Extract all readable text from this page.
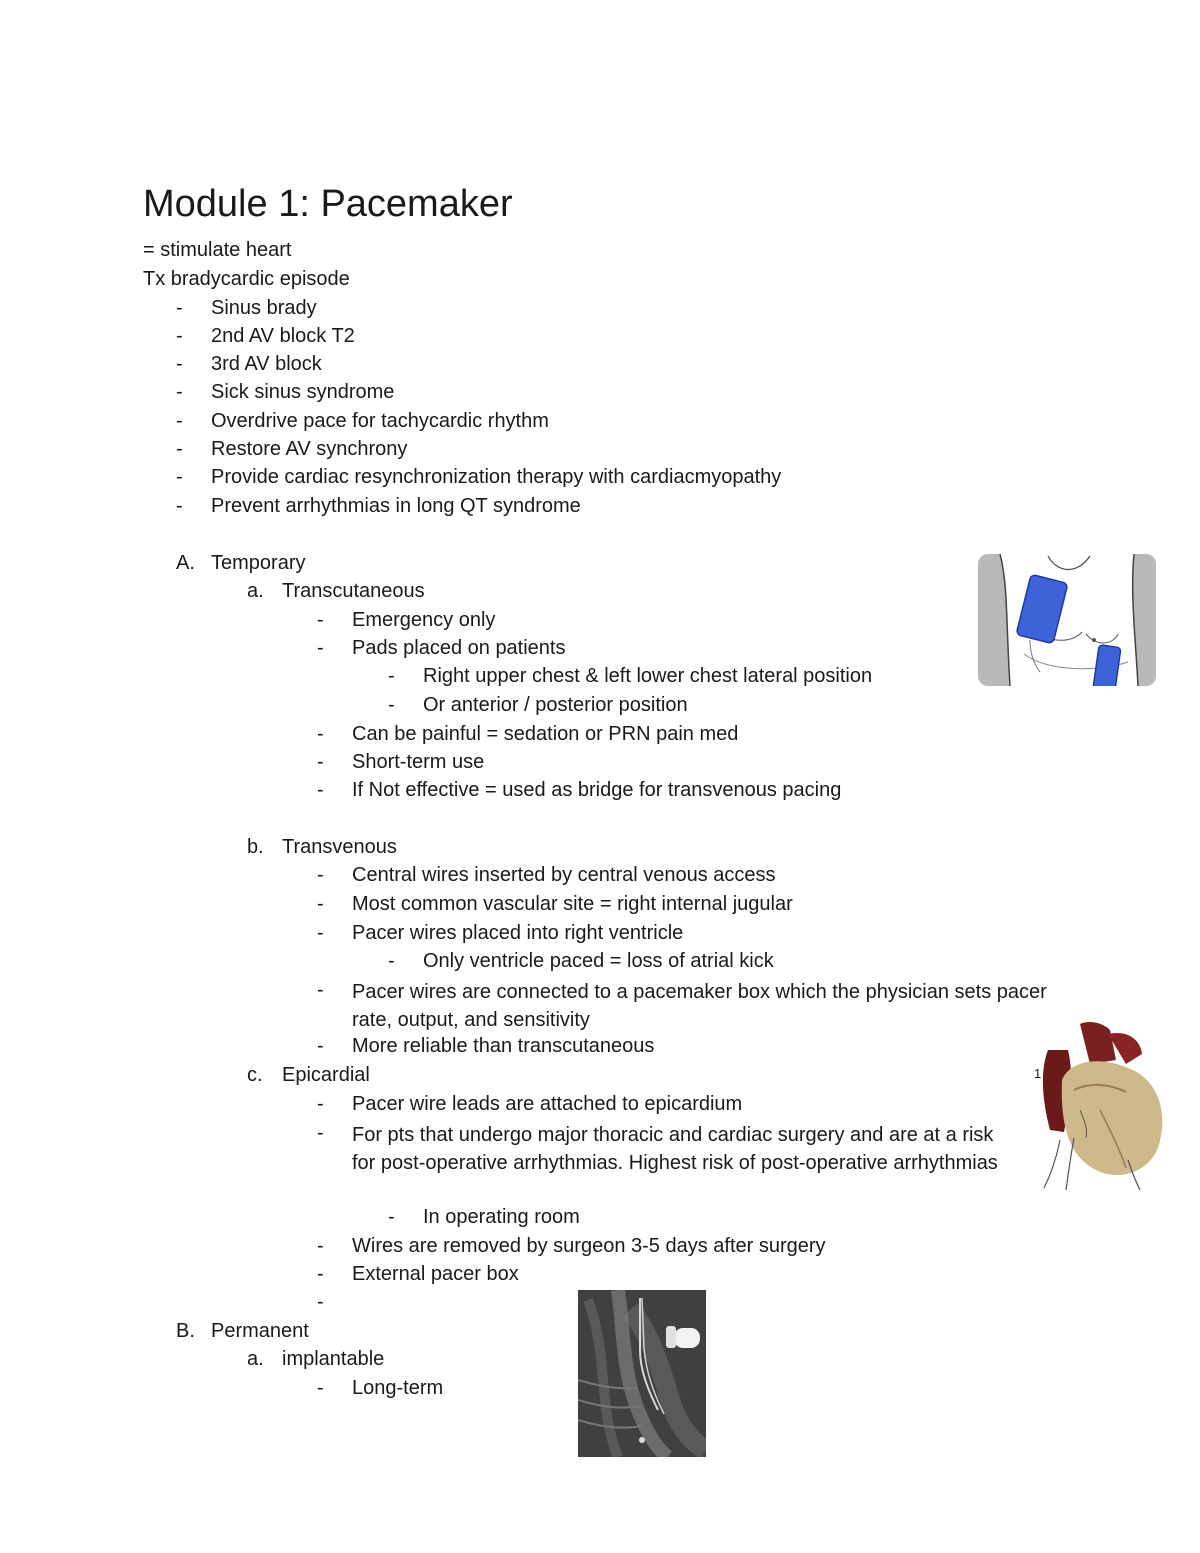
Module 1: Pacemaker
= stimulate heart
Tx bradycardic episode
- Sinus brady
- 2nd AV block T2
- 3rd AV block
- Sick sinus syndrome
- Overdrive pace for tachycardic rhythm
- Restore AV synchrony
- Provide cardiac resynchronization therapy with cardiacmyopathy
- Prevent arrhythmias in long QT syndrome
A. Temporary
a. Transcutaneous
- Emergency only
- Pads placed on patients
- Right upper chest & left lower chest lateral position
- Or anterior / posterior position
- Can be painful = sedation or PRN pain med
- Short-term use
- If Not effective = used as bridge for transvenous pacing
b. Transvenous
- Central wires inserted by central venous access
- Most common vascular site = right internal jugular
- Pacer wires placed into right ventricle
- Only ventricle paced = loss of atrial kick
- Pacer wires are connected to a pacemaker box which the physician sets pacer rate, output, and sensitivity
- More reliable than transcutaneous
c. Epicardial
- Pacer wire leads are attached to epicardium
- For pts that undergo major thoracic and cardiac surgery and are at a risk for post-operative arrhythmias. Highest risk of post-operative arrhythmias
- In operating room
- Wires are removed by surgeon 3-5 days after surgery
- External pacer box
-
B. Permanent
a. implantable
- Long-term
1
